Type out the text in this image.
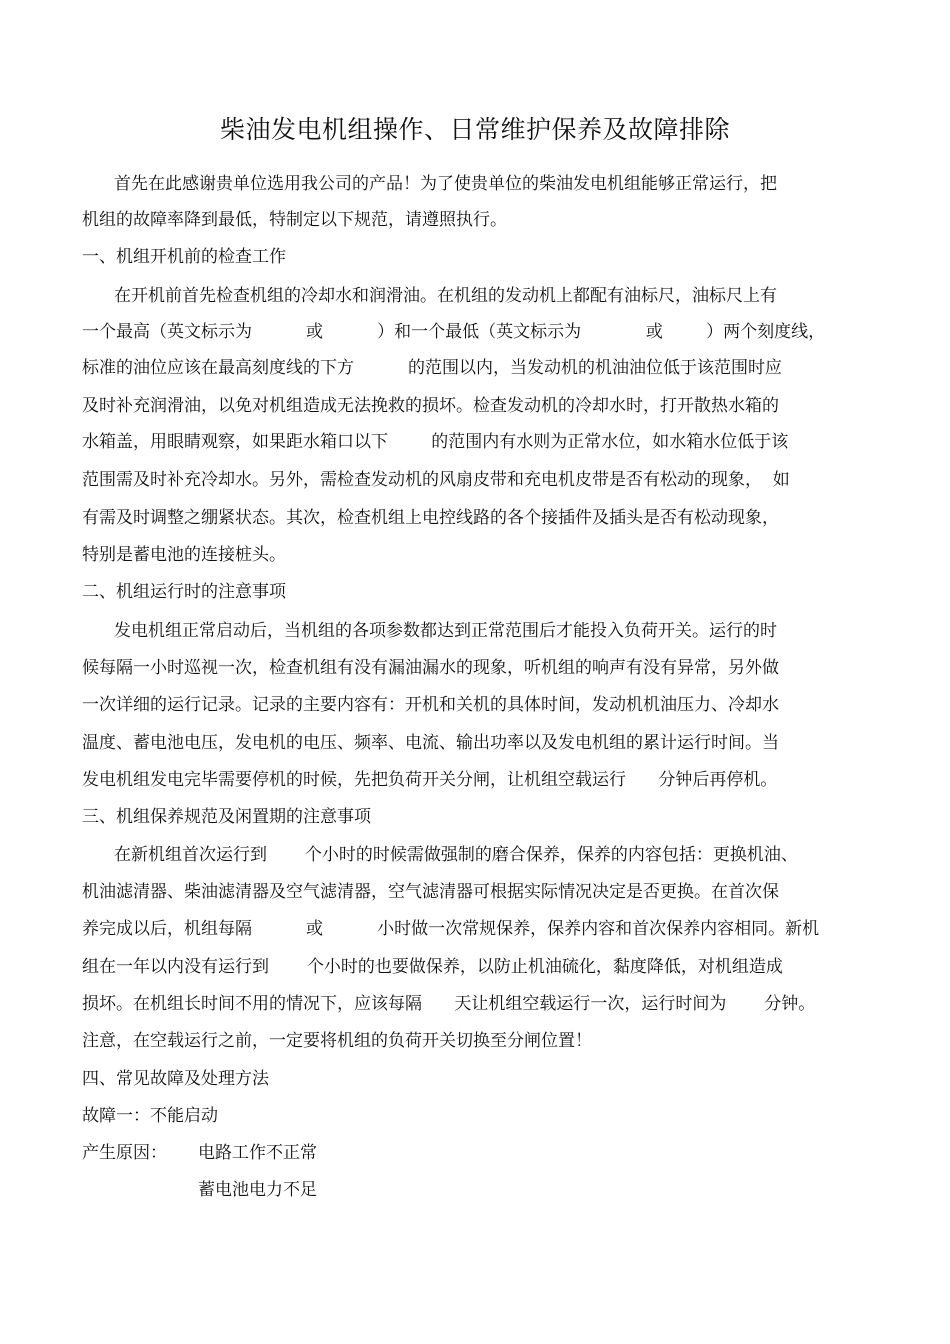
柴油发电机组操作、日常维护保养及故障排除
首先在此感谢贵单位选用我公司的产品！为了使贵单位的柴油发电机组能够正常运行，把
机组的故障率降到最低，特制定以下规范，请遵照执行。
一、机组开机前的检查工作
在开机前首先检查机组的冷却水和润滑油。在机组的发动机上都配有油标尺，油标尺上有
一个最高（英文标示为          或          ）和一个最低（英文标示为            或        ）两个刻度线，
标准的油位应该在最高刻度线的下方          的范围以内，当发动机的机油油位低于该范围时应
及时补充润滑油，以免对机组造成无法挽救的损坏。检查发动机的冷却水时，打开散热水箱的
水箱盖，用眼睛观察，如果距水箱口以下        的范围内有水则为正常水位，如水箱水位低于该
范围需及时补充冷却水。另外，需检查发动机的风扇皮带和充电机皮带是否有松动的现象，  如
有需及时调整之绷紧状态。其次，检查机组上电控线路的各个接插件及插头是否有松动现象，
特别是蓄电池的连接桩头。
二、机组运行时的注意事项
发电机组正常启动后，当机组的各项参数都达到正常范围后才能投入负荷开关。运行的时
候每隔一小时巡视一次，检查机组有没有漏油漏水的现象，听机组的响声有没有异常，另外做
一次详细的运行记录。记录的主要内容有：开机和关机的具体时间，发动机机油压力、冷却水
温度、蓄电池电压，发电机的电压、频率、电流、输出功率以及发电机组的累计运行时间。当
发电机组发电完毕需要停机的时候，先把负荷开关分闸，让机组空载运行      分钟后再停机。
三、机组保养规范及闲置期的注意事项
在新机组首次运行到       个小时的时候需做强制的磨合保养，保养的内容包括：更换机油、
机油滤清器、柴油滤清器及空气滤清器，空气滤清器可根据实际情况决定是否更换。在首次保
养完成以后，机组每隔          或          小时做一次常规保养，保养内容和首次保养内容相同。新机
组在一年以内没有运行到       个小时的也要做保养，以防止机油硫化，黏度降低，对机组造成
损坏。在机组长时间不用的情况下，应该每隔      天让机组空载运行一次，运行时间为       分钟。
注意，在空载运行之前，一定要将机组的负荷开关切换至分闸位置！
四、常见故障及处理方法
故障一：不能启动
产生原因：	电路工作不正常
蓄电池电力不足
